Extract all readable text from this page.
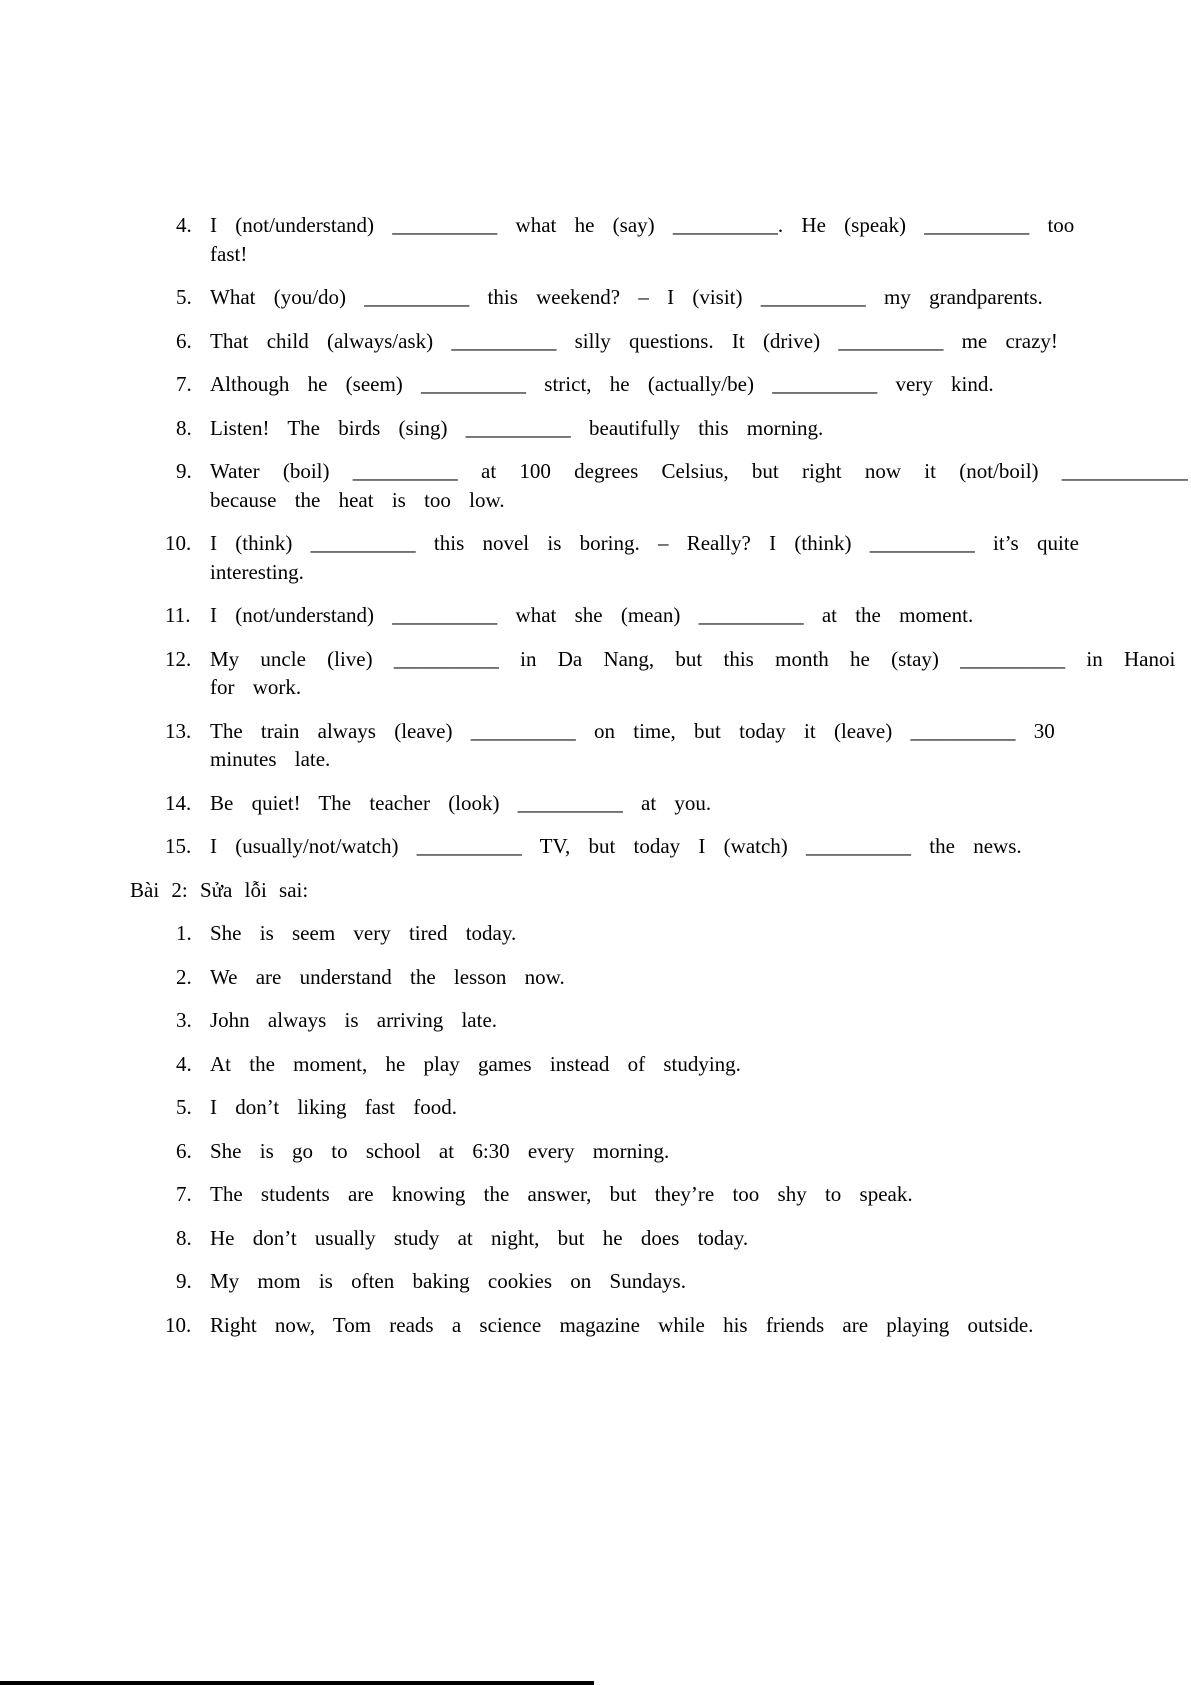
4. I (not/understand) __________ what he (say) __________. He (speak) __________ too
fast!
5. What (you/do) __________ this weekend? – I (visit) __________ my grandparents.
6. That child (always/ask) __________ silly questions. It (drive) __________ me crazy!
7. Although he (seem) __________ strict, he (actually/be) __________ very kind.
8. Listen! The birds (sing) __________ beautifully this morning.
9. Water (boil) __________ at 100 degrees Celsius, but right now it (not/boil) ____________
because the heat is too low.
10. I (think) __________ this novel is boring. – Really? I (think) __________ it’s quite
interesting.
11. I (not/understand) __________ what she (mean) __________ at the moment.
12. My uncle (live) __________ in Da Nang, but this month he (stay) __________ in Hanoi
for work.
13. The train always (leave) __________ on time, but today it (leave) __________ 30
minutes late.
14. Be quiet! The teacher (look) __________ at you.
15. I (usually/not/watch) __________ TV, but today I (watch) __________ the news.
Bài 2: Sửa lỗi sai:
1. She is seem very tired today.
2. We are understand the lesson now.
3. John always is arriving late.
4. At the moment, he play games instead of studying.
5. I don’t liking fast food.
6. She is go to school at 6:30 every morning.
7. The students are knowing the answer, but they’re too shy to speak.
8. He don’t usually study at night, but he does today.
9. My mom is often baking cookies on Sundays.
10. Right now, Tom reads a science magazine while his friends are playing outside.
